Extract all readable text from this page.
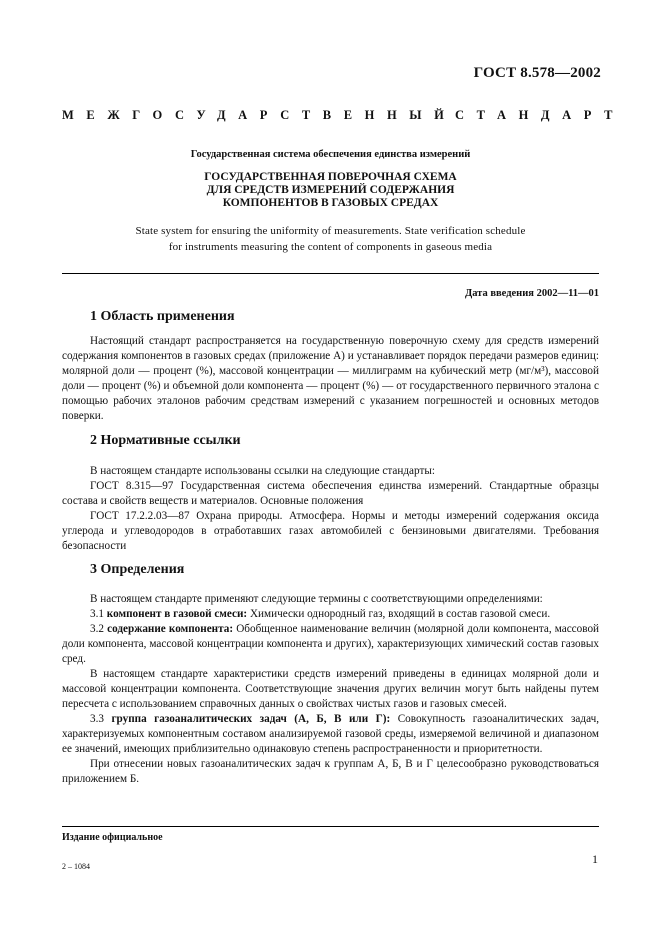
ГОСТ 8.578—2002
МЕЖГОСУДАРСТВЕННЫЙ
СТАНДАРТ
Государственная система обеспечения единства измерений
ГОСУДАРСТВЕННАЯ ПОВЕРОЧНАЯ СХЕМА
ДЛЯ СРЕДСТВ ИЗМЕРЕНИЙ СОДЕРЖАНИЯ
КОМПОНЕНТОВ В ГАЗОВЫХ СРЕДАХ
State system for ensuring the uniformity of measurements. State verification schedule
for instruments measuring the content of components in gaseous media
Дата введения 2002—11—01
1 Область применения

Настоящий стандарт распространяется на государственную поверочную схему для средств измерений содержания компонентов в газовых средах (приложение А) и устанавливает порядок передачи размеров единиц: молярной доли — процент (%), массовой концентрации — миллиграмм на кубический метр (мг/м³), массовой доли — процент (%) и объемной доли компонента — процент (%) — от государственного первичного эталона с помощью рабочих эталонов рабочим средствам измерений с указанием погрешностей и основных методов поверки.

2 Нормативные ссылки

В настоящем стандарте использованы ссылки на следующие стандарты:

ГОСТ 8.315—97 Государственная система обеспечения единства измерений. Стандартные образцы состава и свойств веществ и материалов. Основные положения

ГОСТ 17.2.2.03—87 Охрана природы. Атмосфера. Нормы и методы измерений содержания оксида углерода и углеводородов в отработавших газах автомобилей с бензиновыми двигателями. Требования безопасности

3 Определения

В настоящем стандарте применяют следующие термины с соответствующими определениями:

3.1 компонент в газовой смеси: Химически однородный газ, входящий в состав газовой смеси.

3.2 содержание компонента: Обобщенное наименование величин (молярной доли компонента, массовой доли компонента, массовой концентрации компонента и других), характеризующих химический состав газовых сред.

В настоящем стандарте характеристики средств измерений приведены в единицах молярной доли и массовой концентрации компонента. Соответствующие значения других величин могут быть найдены путем пересчета с использованием справочных данных о свойствах чистых газов и газовых смесей.

3.3 группа газоаналитических задач (А, Б, В или Г): Совокупность газоаналитических задач, характеризуемых компонентным составом анализируемой газовой среды, измеряемой величиной и диапазоном ее значений, имеющих приблизительно одинаковую степень распространенности и приоритетности.

При отнесении новых газоаналитических задач к группам А, Б, В и Г целесообразно руководствоваться приложением Б.

Издание официальное
2 – 1084
1
